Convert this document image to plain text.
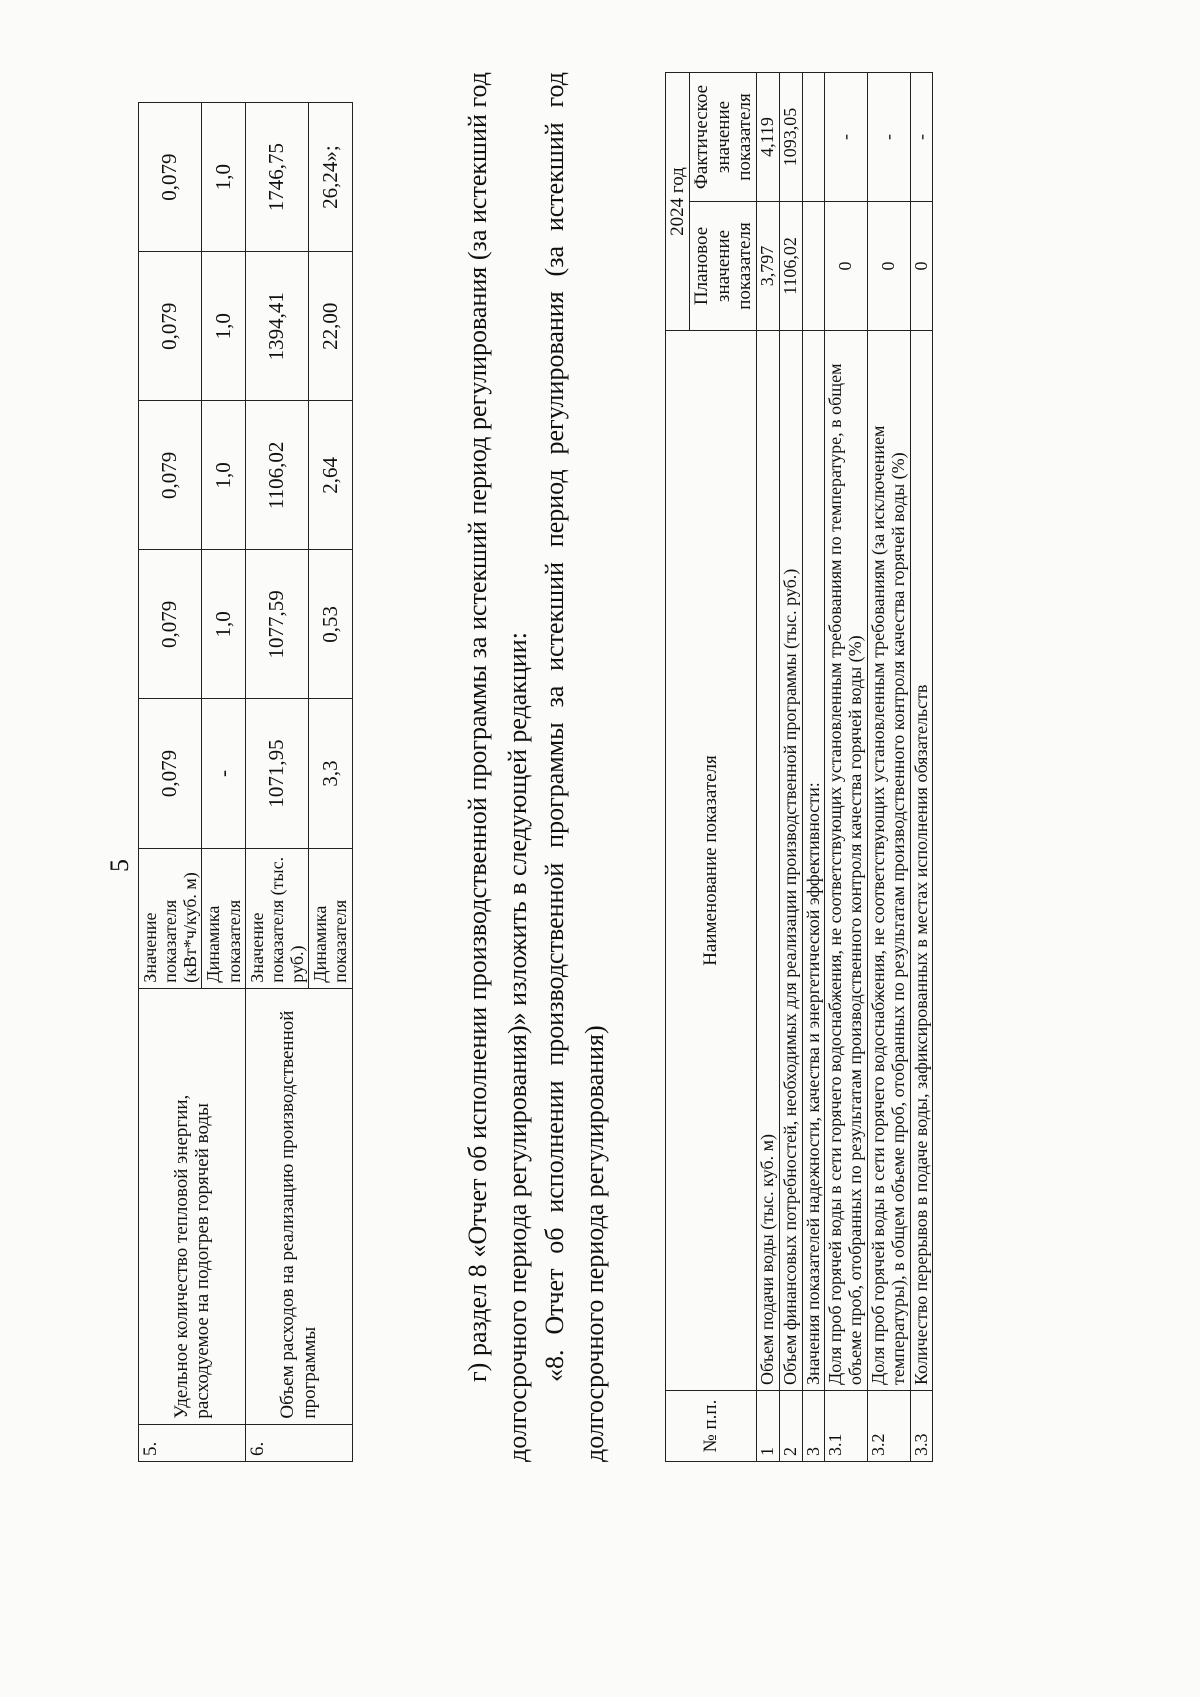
5
5.	Удельное количество тепловой энергии, расходуемое на подогрев горячей воды	Значение показателя (кВт*ч/куб. м)	0,079	0,079	0,079	0,079	0,079
		Динамика показателя	-	1,0	1,0	1,0	1,0
6.	Объем расходов на реализацию производственной программы	Значение показателя (тыс. руб.)	1071,95	1077,59	1106,02	1394,41	1746,75
		Динамика показателя	3,3	0,53	2,64	22,00	26,24»;	г) раздел 8 «Отчет об исполнении производственной программы за истекший период регулирования (за истекший год долгосрочного периода регулирования)» изложить в следующей редакции: «8. Отчет об исполнении производственной программы за истекший период регулирования (за истекший год долгосрочного периода регулирования)	№ п.п.	Наименование показателя	2024 год	
		Плановое значение показателя	Фактическое значение показателя
1	Объем подачи воды (тыс. куб. м)	3,797	4,119
2	Объем финансовых потребностей, необходимых для реализации производственной программы (тыс. руб.)	1106,02	1093,05
3	Значения показателей надежности, качества и энергетической эффективности:		
3.1	Доля проб горячей воды в сети горячего водоснабжения, не соответствующих установленным требованиям по температуре, в общем объеме проб, отобранных по результатам производственного контроля качества горячей воды (%)	0	-
3.2	Доля проб горячей воды в сети горячего водоснабжения, не соответствующих установленным требованиям (за исключением температуры), в общем объеме проб, отобранных по результатам производственного контроля качества горячей воды (%)	0	-
3.3	Количество перерывов в подаче воды, зафиксированных в местах исполнения обязательств	0	-
